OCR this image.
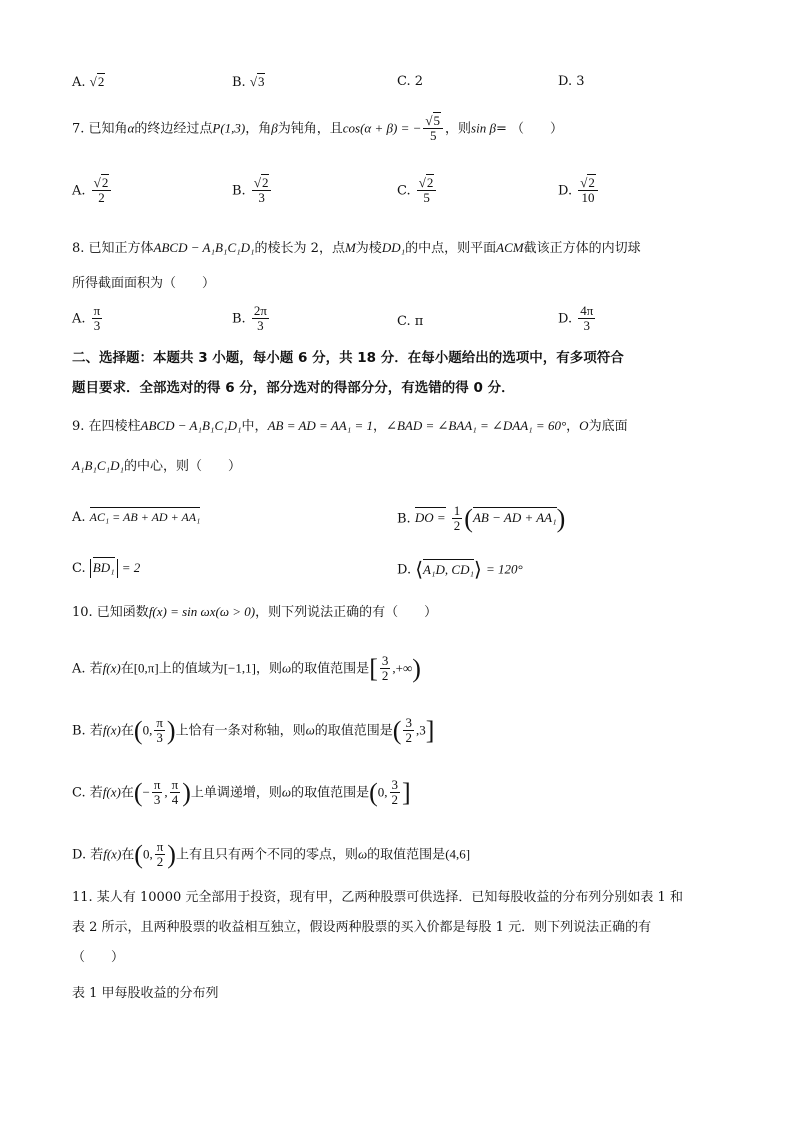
A. √2	B. √3	C. 2	D. 3
7. 已知角α的终边经过点P(1,3)，角β为钝角，且cos(α + β) = − $\frac{√5}{5}$ ，则sin β= （　　）
A. $\frac{√2}{2}$	B. $\frac{√2}{3}$	C. $\frac{√2}{5}$	D. $\frac{√2}{10}$
8. 已知正方体ABCD − A₁B₁C₁D₁的棱长为 2，点M为棱DD₁的中点，则平面ACM截该正方体的内切球
所得截面面积为（　　）
A. $\frac{\pi}{3}$	B. $\frac{2\pi}{3}$	C. π	D. $\frac{4\pi}{3}$
二、选择题：本题共 3 小题，每小题 6 分，共 18 分．在每小题给出的选项中，有多项符合
题目要求．全部选对的得 6 分，部分选对的得部分分，有选错的得 0 分．
9. 在四棱柱ABCD − A₁B₁C₁D₁中，AB = AD = AA₁ = 1，∠BAD = ∠BAA₁ = ∠DAA₁ = 60°，O为底面
A₁B₁C₁D₁的中心，则（　　）
A. AC₁ = AB + AD + AA₁	B. DO = $\frac{1}{2} (AB$ − AD + AA₁)
C. BD₁ = 2	D. ⟨A₁D, CD₁⟩ = 120°
10. 已知函数f(x) = sin ωx(ω > 0)，则下列说法正确的有（　　）
A. 若f(x)在[0,π]上的值域为[−1,1]，则ω的取值范围是[ $\frac{3}{2}$ ,+∞)
B. 若f(x)在(0, $\frac{\pi}{3}$ )上恰有一条对称轴，则ω的取值范围是( $\frac{3}{2} ,3$]
C. 若f(x)在(− $\frac{\pi}{3}$ , $\frac{\pi}{4}$ )上单调递增，则ω的取值范围是(0, $\frac{3}{2}$ ]
D. 若f(x)在(0, $\frac{\pi}{2}$ )上有且只有两个不同的零点，则ω的取值范围是(4,6]
11. 某人有 10000 元全部用于投资，现有甲，乙两种股票可供选择．已知每股收益的分布列分别如表 1 和
表 2 所示，且两种股票的收益相互独立，假设两种股票的买入价都是每股 1 元．则下列说法正确的有
（　　）
表 1 甲每股收益的分布列
